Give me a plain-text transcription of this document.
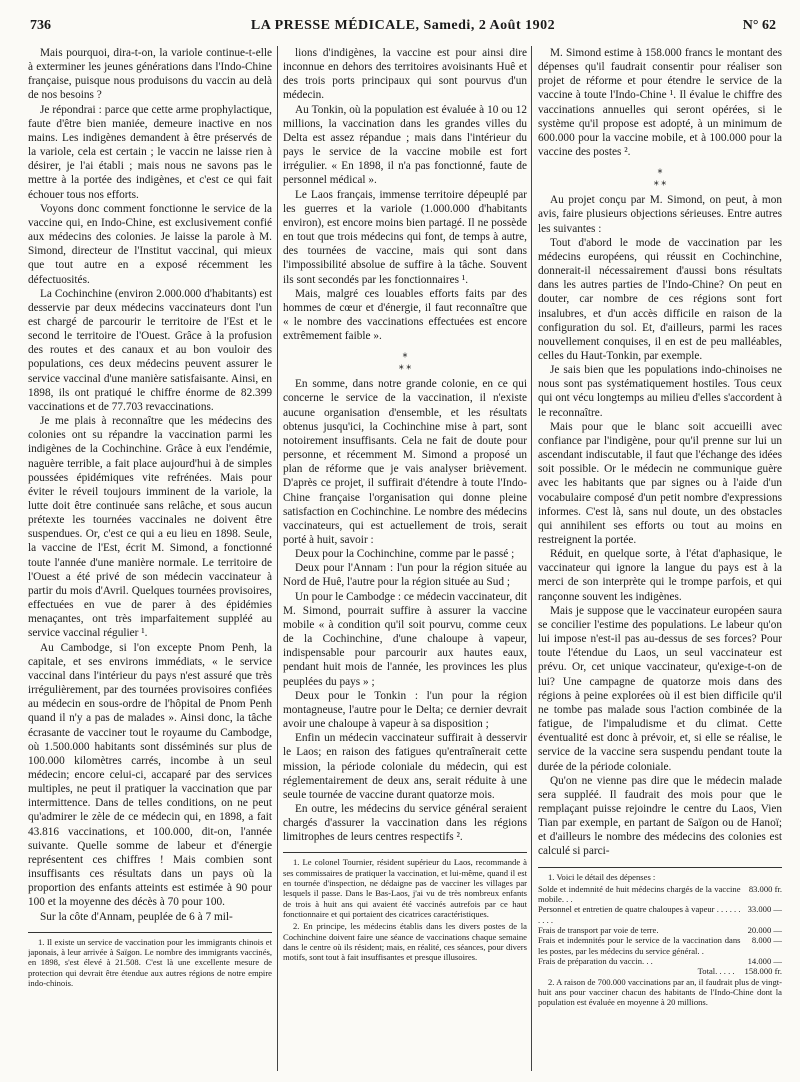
736	LA PRESSE MÉDICALE, Samedi, 2 Août 1902	N° 62

Mais pourquoi, dira-t-on, la variole continue-t-elle à exterminer les jeunes générations dans l'Indo-Chine française, puisque nous produisons du vaccin au delà de nos besoins ?

Je répondrai : parce que cette arme prophylactique, faute d'être bien maniée, demeure inactive en nos mains. Les indigènes demandent à être préservés de la variole, cela est certain ; le vaccin ne laisse rien à désirer, je l'ai établi ; mais nous ne savons pas le mettre à la portée des indigènes, et c'est ce qui fait échouer tous nos efforts.

Voyons donc comment fonctionne le service de la vaccine qui, en Indo-Chine, est exclusivement confié aux médecins des colonies. Je laisse la parole à M. Simond, directeur de l'Institut vaccinal, qui mieux que tout autre en a exposé récemment les défectuosités.

La Cochinchine (environ 2.000.000 d'habitants) est desservie par deux médecins vaccinateurs dont l'un est chargé de parcourir le territoire de l'Est et le second le territoire de l'Ouest. Grâce à la profusion des routes et des canaux et au bon vouloir des populations, ces deux médecins peuvent assurer le service vaccinal d'une manière satisfaisante. Ainsi, en 1898, ils ont pratiqué le chiffre énorme de 82.399 vaccinations et de 77.703 revaccinations.

Je me plais à reconnaître que les médecins des colonies ont su répandre la vaccination parmi les indigènes de la Cochinchine. Grâce à eux l'endémie, naguère terrible, a fait place aujourd'hui à de simples poussées épidémiques vite refrénées. Mais pour éviter le réveil toujours imminent de la variole, la lutte doit être continuée sans relâche, et sous aucun prétexte les tournées vaccinales ne doivent être suspendues. Or, c'est ce qui a eu lieu en 1898. Seule, la vaccine de l'Est, écrit M. Simond, a fonctionné toute l'année d'une manière normale. Le territoire de l'Ouest a été privé de son médecin vaccinateur à partir du mois d'Avril. Quelques tournées provisoires, effectuées en vue de parer à des épidémies menaçantes, ont très imparfaitement suppléé au service vaccinal régulier ¹.

Au Cambodge, si l'on excepte Pnom Penh, la capitale, et ses environs immédiats, « le service vaccinal dans l'intérieur du pays n'est assuré que très irrégulièrement, par des tournées provisoires confiées au médecin en sous-ordre de l'hôpital de Pnom Penh quand il n'y a pas de malades ». Ainsi donc, la tâche écrasante de vacciner tout le royaume du Cambodge, où 1.500.000 habitants sont disséminés sur plus de 100.000 kilomètres carrés, incombe à un seul médecin; encore celui-ci, accaparé par des services multiples, ne peut il pratiquer la vaccination que par intermittence. Dans de telles conditions, on ne peut qu'admirer le zèle de ce médecin qui, en 1898, a fait 43.816 vaccinations, et 100.000, dit-on, l'année suivante. Quelle somme de labeur et d'énergie représentent ces chiffres ! Mais combien sont insuffisants ces résultats dans un pays où la proportion des enfants atteints est estimée à 90 pour 100 et la moyenne des décès à 70 pour 100.

Sur la côte d'Annam, peuplée de 6 à 7 mil-

1. Il existe un service de vaccination pour les immigrants chinois et japonais, à leur arrivée à Saïgon. Le nombre des immigrants vaccinés, en 1898, s'est élevé à 21.508. C'est là une excellente mesure de protection qui devrait être étendue aux autres régions de notre empire indo-chinois.

lions d'indigènes, la vaccine est pour ainsi dire inconnue en dehors des territoires avoisinants Huê et des trois ports principaux qui sont pourvus d'un médecin.

Au Tonkin, où la population est évaluée à 10 ou 12 millions, la vaccination dans les grandes villes du Delta est assez répandue ; mais dans l'intérieur du pays le service de la vaccine mobile est fort irrégulier. « En 1898, il n'a pas fonctionné, faute de personnel médical ».

Le Laos français, immense territoire dépeuplé par les guerres et la variole (1.000.000 d'habitants environ), est encore moins bien partagé. Il ne possède en tout que trois médecins qui font, de temps à autre, des tournées de vaccine, mais qui sont dans l'impossibilité absolue de suffire à la tâche. Souvent ils sont secondés par les fonctionnaires ¹.

Mais, malgré ces louables efforts faits par des hommes de cœur et d'énergie, il faut reconnaître que « le nombre des vaccinations effectuées est encore extrêmement faible ».

⁎
⁎ ⁎

En somme, dans notre grande colonie, en ce qui concerne le service de la vaccination, il n'existe aucune organisation d'ensemble, et les résultats obtenus jusqu'ici, la Cochinchine mise à part, sont notoirement insuffisants. Cela ne fait de doute pour personne, et récemment M. Simond a proposé un plan de réforme que je vais analyser brièvement. D'après ce projet, il suffirait d'étendre à toute l'Indo-Chine française l'organisation qui donne pleine satisfaction en Cochinchine. Le nombre des médecins vaccinateurs, qui est actuellement de trois, serait porté à huit, savoir :

Deux pour la Cochinchine, comme par le passé ;

Deux pour l'Annam : l'un pour la région située au Nord de Huê, l'autre pour la région située au Sud ;

Un pour le Cambodge : ce médecin vaccinateur, dit M. Simond, pourrait suffire à assurer la vaccine mobile « à condition qu'il soit pourvu, comme ceux de la Cochinchine, d'une chaloupe à vapeur, indispensable pour parcourir aux hautes eaux, pendant huit mois de l'année, les provinces les plus peuplées du pays » ;

Deux pour le Tonkin : l'un pour la région montagneuse, l'autre pour le Delta; ce dernier devrait avoir une chaloupe à vapeur à sa disposition ;

Enfin un médecin vaccinateur suffirait à desservir le Laos; en raison des fatigues qu'entraînerait cette mission, la période coloniale du médecin, qui est réglementairement de deux ans, serait réduite à une seule tournée de vaccine durant quatorze mois.

En outre, les médecins du service général seraient chargés d'assurer la vaccination dans les régions limitrophes de leurs centres respectifs ².

1. Le colonel Tournier, résident supérieur du Laos, recommande à ses commissaires de pratiquer la vaccination, et lui-même, quand il est en tournée d'inspection, ne dédaigne pas de vacciner les villages par lesquels il passe. Dans le Bas-Laos, j'ai vu de très nombreux enfants de trois à huit ans qui avaient été vaccinés autrefois par ce haut fonctionnaire et qui portaient des cicatrices caractéristiques.

2. En principe, les médecins établis dans les divers postes de la Cochinchine doivent faire une séance de vaccinations chaque semaine dans le centre où ils résident; mais, en réalité, ces séances, pour divers motifs, sont tout à fait insuffisantes et presque illusoires.

M. Simond estime à 158.000 francs le montant des dépenses qu'il faudrait consentir pour réaliser son projet de réforme et pour étendre le service de la vaccine à toute l'Indo-Chine ¹. Il évalue le chiffre des vaccinations annuelles qui seront opérées, si le système qu'il propose est adopté, à un minimum de 600.000 pour la vaccine mobile, et à 100.000 pour la vaccine des postes ².

⁎
⁎ ⁎

Au projet conçu par M. Simond, on peut, à mon avis, faire plusieurs objections sérieuses. Entre autres les suivantes :

Tout d'abord le mode de vaccination par les médecins européens, qui réussit en Cochinchine, donnerait-il nécessairement d'aussi bons résultats dans les autres parties de l'Indo-Chine? On peut en douter, car nombre de ces régions sont fort insalubres, et d'un accès difficile en raison de la configuration du sol. Et, d'ailleurs, parmi les races nouvellement conquises, il en est de peu malléables, celles du Haut-Tonkin, par exemple.

Je sais bien que les populations indo-chinoises ne nous sont pas systématiquement hostiles. Tous ceux qui ont vécu longtemps au milieu d'elles s'accordent à le reconnaître.

Mais pour que le blanc soit accueilli avec confiance par l'indigène, pour qu'il prenne sur lui un ascendant indiscutable, il faut que l'échange des idées soit possible. Or le médecin ne communique guère avec les habitants que par signes ou à l'aide d'un vocabulaire composé d'un petit nombre d'expressions informes. C'est là, sans nul doute, un des obstacles qui annihilent ses efforts ou tout au moins en restreignent la portée.

Réduit, en quelque sorte, à l'état d'aphasique, le vaccinateur qui ignore la langue du pays est à la merci de son interprète qui le trompe parfois, et qui rançonne souvent les indigènes.

Mais je suppose que le vaccinateur européen saura se concilier l'estime des populations. Le labeur qu'on lui impose n'est-il pas au-dessus de ses forces? Pour toute l'étendue du Laos, un seul vaccinateur est prévu. Or, cet unique vaccinateur, qu'exige-t-on de lui? Une campagne de quatorze mois dans des régions à peine explorées où il est bien difficile qu'il ne tombe pas malade sous l'action combinée de la fatigue, de l'impaludisme et du climat. Cette éventualité est donc à prévoir, et, si elle se réalise, le service de la vaccine sera suspendu pendant toute la durée de la période coloniale.

Qu'on ne vienne pas dire que le médecin malade sera suppléé. Il faudrait des mois pour que le remplaçant puisse rejoindre le centre du Laos, Vien Tian par exemple, en partant de Saïgon ou de Hanoï; et d'ailleurs le nombre des médecins des colonies est calculé si parci-

1. Voici le détail des dépenses :

Solde et indemnité de huit médecins chargés de la vaccine mobile. . .	83.000 fr.
Personnel et entretien de quatre chaloupes à vapeur . . . . . . . . . .	33.000 —
Frais de transport par voie de terre.	20.000 —
Frais et indemnités pour le service de la vaccination dans les postes, par les médecins du service général. .	8.000 —
Frais de préparation du vaccin. . .	14.000 —
Total. . . . .	158.000 fr.

2. A raison de 700.000 vaccinations par an, il faudrait plus de vingt-huit ans pour vacciner chacun des habitants de l'Indo-Chine dont la population est évaluée en moyenne à 20 millions.
